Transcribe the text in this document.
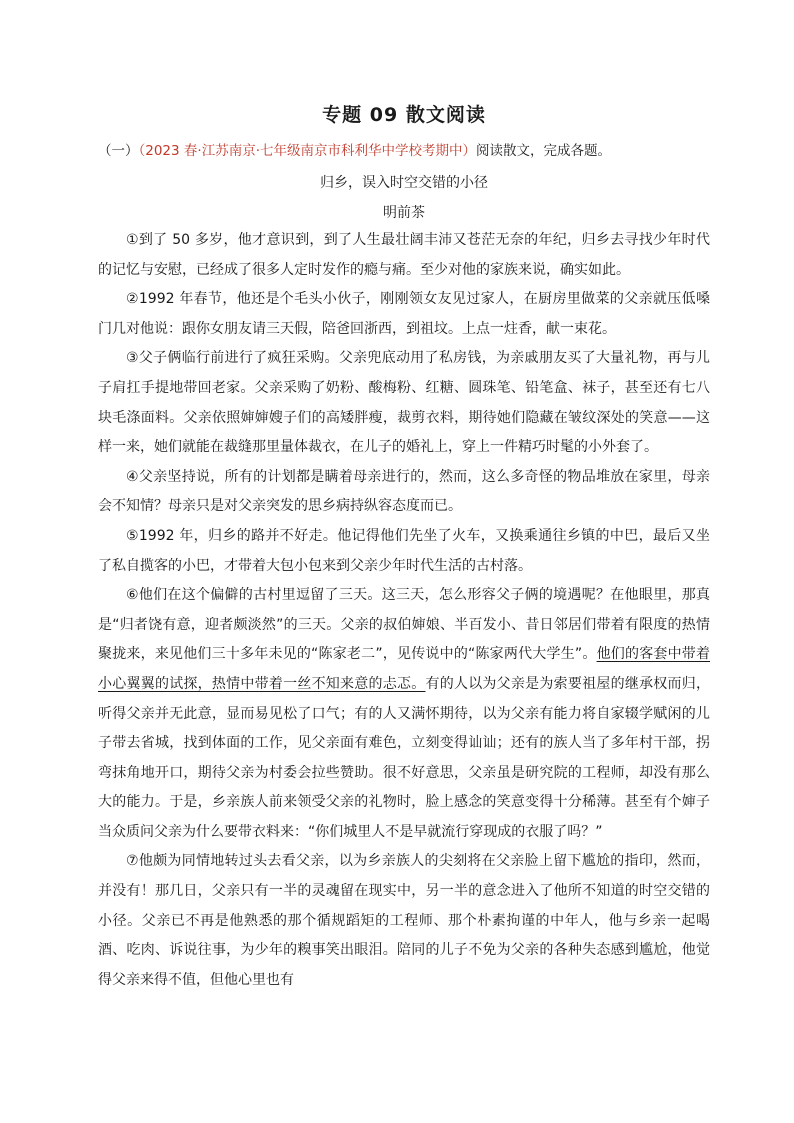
专题 09 散文阅读
（一）（2023 春·江苏南京·七年级南京市科利华中学校考期中）阅读散文，完成各题。
归乡，误入时空交错的小径
明前茶

①到了 50 多岁，他才意识到，到了人生最壮阔丰沛又苍茫无奈的年纪，归乡去寻找少年时代的记忆与安慰，已经成了很多人定时发作的瘾与痛。至少对他的家族来说，确实如此。

②1992 年春节，他还是个毛头小伙子，刚刚领女友见过家人，在厨房里做菜的父亲就压低嗓门几对他说：跟你女朋友请三天假，陪爸回浙西，到祖坟。上点一炷香，献一束花。

③父子俩临行前进行了疯狂采购。父亲兜底动用了私房钱，为亲戚朋友买了大量礼物，再与儿子肩扛手提地带回老家。父亲采购了奶粉、酸梅粉、红糖、圆珠笔、铅笔盒、袜子，甚至还有七八块毛涤面料。父亲依照婶婶嫂子们的高矮胖瘦，裁剪衣料，期待她们隐藏在皱纹深处的笑意——这样一来，她们就能在裁缝那里量体裁衣，在儿子的婚礼上，穿上一件精巧时髦的小外套了。

④父亲坚持说，所有的计划都是瞒着母亲进行的，然而，这么多奇怪的物品堆放在家里，母亲会不知情？母亲只是对父亲突发的思乡病持纵容态度而已。

⑤1992 年，归乡的路并不好走。他记得他们先坐了火车，又换乘通往乡镇的中巴，最后又坐了私自揽客的小巴，才带着大包小包来到父亲少年时代生活的古村落。

⑥他们在这个偏僻的古村里逗留了三天。这三天，怎么形容父子俩的境遇呢？在他眼里，那真是“归者饶有意，迎者颇淡然”的三天。父亲的叔伯婶娘、半百发小、昔日邻居们带着有限度的热情聚拢来，来见他们三十多年未见的“陈家老二”，见传说中的“陈家两代大学生”。他们的客套中带着小心翼翼的试探，热情中带着一丝不知来意的忐忑。有的人以为父亲是为索要祖屋的继承权而归，听得父亲并无此意，显而易见松了口气；有的人又满怀期待，以为父亲有能力将自家辍学赋闲的儿子带去省城，找到体面的工作，见父亲面有难色，立刻变得讪讪；还有的族人当了多年村干部，拐弯抹角地开口，期待父亲为村委会拉些赞助。很不好意思，父亲虽是研究院的工程师，却没有那么大的能力。于是，乡亲族人前来领受父亲的礼物时，脸上感念的笑意变得十分稀薄。甚至有个婶子当众质问父亲为什么要带衣料来：“你们城里人不是早就流行穿现成的衣服了吗？”

⑦他颇为同情地转过头去看父亲，以为乡亲族人的尖刻将在父亲脸上留下尴尬的指印，然而，并没有！那几日，父亲只有一半的灵魂留在现实中，另一半的意念进入了他所不知道的时空交错的小径。父亲已不再是他熟悉的那个循规蹈矩的工程师、那个朴素拘谨的中年人，他与乡亲一起喝酒、吃肉、诉说往事，为少年的糗事笑出眼泪。陪同的儿子不免为父亲的各种失态感到尴尬，他觉得父亲来得不值，但他心里也有
